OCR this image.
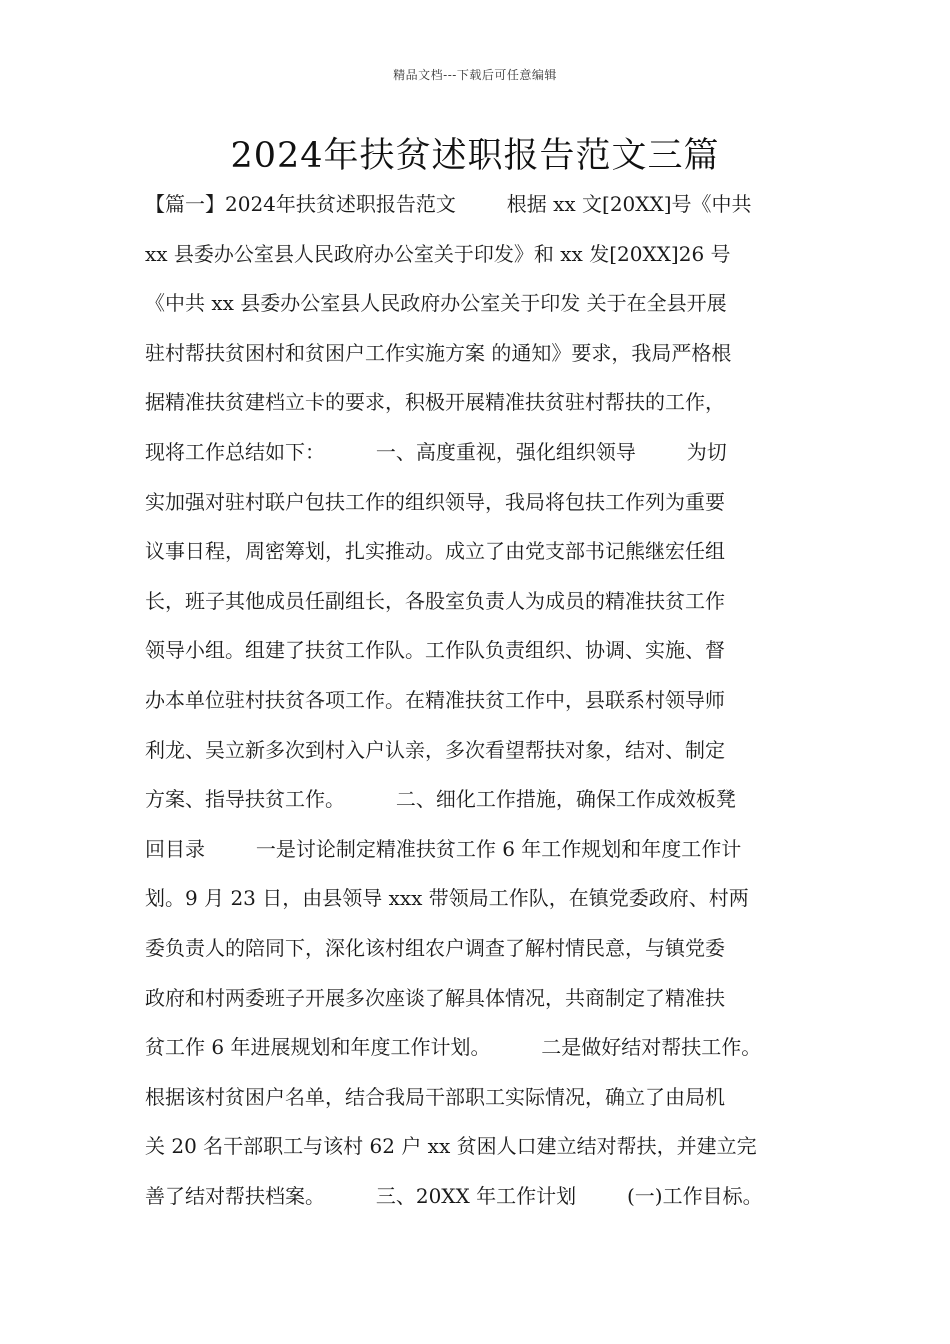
精品文档---下载后可任意编辑
2024年扶贫述职报告范文三篇
【篇一】2024年扶贫述职报告范文        根据 xx 文[20XX]号《中共
xx 县委办公室县人民政府办公室关于印发》和 xx 发[20XX]26 号
《中共 xx 县委办公室县人民政府办公室关于印发 关于在全县开展
驻村帮扶贫困村和贫困户工作实施方案 的通知》要求，我局严格根
据精准扶贫建档立卡的要求，积极开展精准扶贫驻村帮扶的工作，
现将工作总结如下：        一、高度重视，强化组织领导        为切
实加强对驻村联户包扶工作的组织领导，我局将包扶工作列为重要
议事日程，周密筹划，扎实推动。成立了由党支部书记熊继宏任组
长，班子其他成员任副组长，各股室负责人为成员的精准扶贫工作
领导小组。组建了扶贫工作队。工作队负责组织、协调、实施、督
办本单位驻村扶贫各项工作。在精准扶贫工作中，县联系村领导师
利龙、吴立新多次到村入户认亲，多次看望帮扶对象，结对、制定
方案、指导扶贫工作。        二、细化工作措施，确保工作成效板凳
回目录        一是讨论制定精准扶贫工作 6 年工作规划和年度工作计
划。9 月 23 日，由县领导 xxx 带领局工作队，在镇党委政府、村两
委负责人的陪同下，深化该村组农户调查了解村情民意，与镇党委
政府和村两委班子开展多次座谈了解具体情况，共商制定了精准扶
贫工作 6 年进展规划和年度工作计划。        二是做好结对帮扶工作。
根据该村贫困户名单，结合我局干部职工实际情况，确立了由局机
关 20 名干部职工与该村 62 户 xx 贫困人口建立结对帮扶，并建立完
善了结对帮扶档案。        三、20XX 年工作计划        (一)工作目标。
